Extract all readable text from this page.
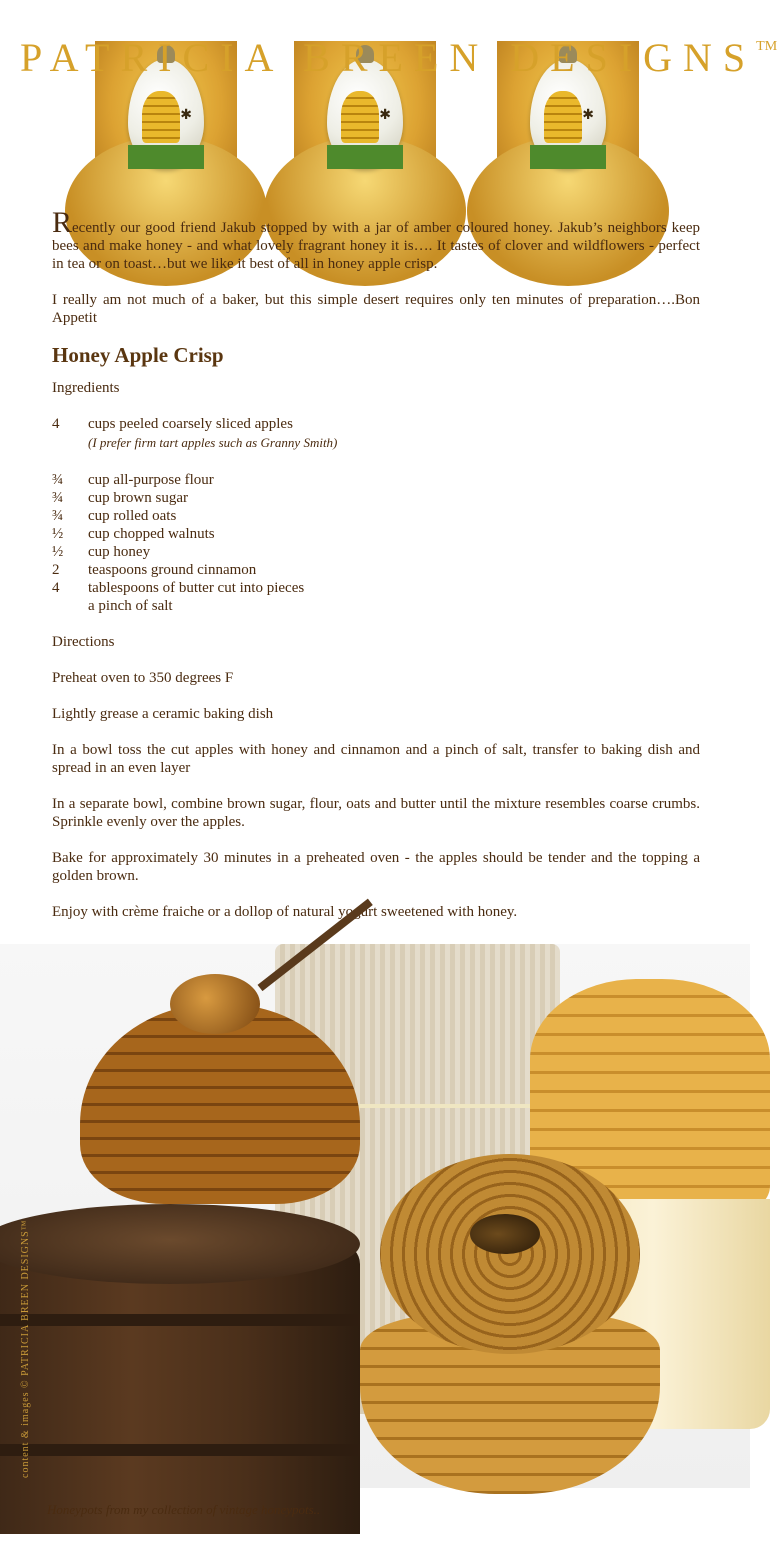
PATRICIA BREEN DESIGNS™
✱	✱	✱

Recently our good friend Jakub stopped by with a jar of amber coloured honey. Jakub’s neighbors keep bees and make honey - and what lovely fragrant honey it is…. It tastes of clover and wildflowers - perfect in tea or on toast…but we like it best of all in honey apple crisp.

I really am not much of a baker, but this simple desert requires only ten minutes of preparation….Bon Appetit

Honey Apple Crisp
Ingredients
4	cups peeled coarsely sliced apples
(I prefer firm tart apples such as Granny Smith)
¾	cup all-purpose flour
¾	cup brown sugar
¾	cup rolled oats
½	cup chopped walnuts
½	cup honey
2	teaspoons ground cinnamon
4	tablespoons of butter cut into pieces
a pinch of salt
Directions

Preheat oven to 350 degrees F

Lightly grease a ceramic baking dish

In a bowl toss the cut apples with honey and cinnamon and a pinch of salt, transfer to baking dish and spread in an even layer

In a separate bowl, combine brown sugar, flour, oats and butter until the mixture resembles coarse crumbs. Sprinkle evenly over the apples.

Bake for approximately 30 minutes in a preheated oven - the apples should be tender and the topping a golden brown.

Enjoy with crème fraiche or a dollop of natural yogurt sweetened with honey.

content & images © PATRICIA BREEN DESIGNS™
Honeypots from my collection of vintage honeypots..
